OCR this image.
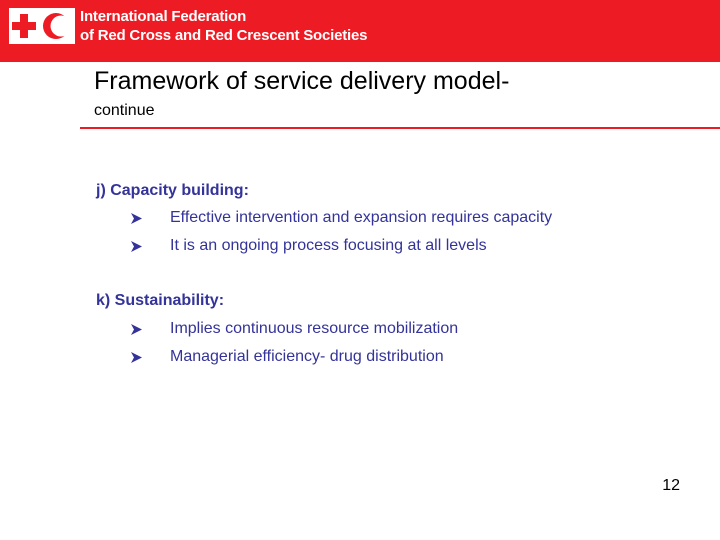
International Federation
of Red Cross and Red Crescent Societies
Framework of service delivery model-
continue
j) Capacity building:
Effective intervention and expansion requires capacity
It is an ongoing process focusing at all levels
k) Sustainability:
Implies continuous resource mobilization
Managerial efficiency- drug distribution
12
